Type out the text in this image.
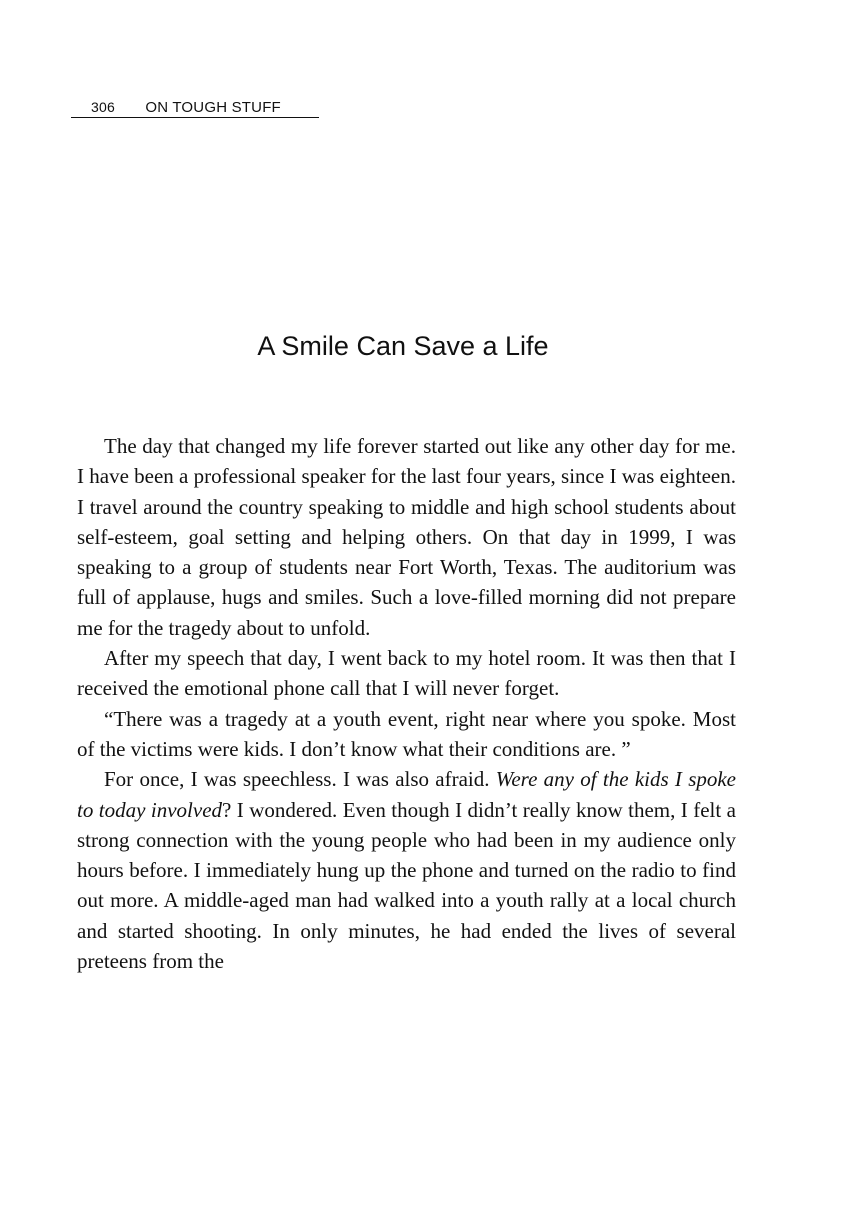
306 ON TOUGH STUFF
A Smile Can Save a Life

The day that changed my life forever started out like any other day for me. I have been a professional speaker for the last four years, since I was eighteen. I travel around the country speaking to middle and high school students about self-esteem, goal setting and helping others. On that day in 1999, I was speaking to a group of students near Fort Worth, Texas. The auditorium was full of applause, hugs and smiles. Such a love-filled morning did not prepare me for the tragedy about to unfold.

After my speech that day, I went back to my hotel room. It was then that I received the emotional phone call that I will never forget.

“There was a tragedy at a youth event, right near where you spoke. Most of the victims were kids. I don’t know what their conditions are. ”

For once, I was speechless. I was also afraid. Were any of the kids I spoke to today involved? I wondered. Even though I didn’t really know them, I felt a strong connection with the young people who had been in my audience only hours before. I immediately hung up the phone and turned on the radio to find out more. A middle-aged man had walked into a youth rally at a local church and started shooting. In only minutes, he had ended the lives of several preteens from the
